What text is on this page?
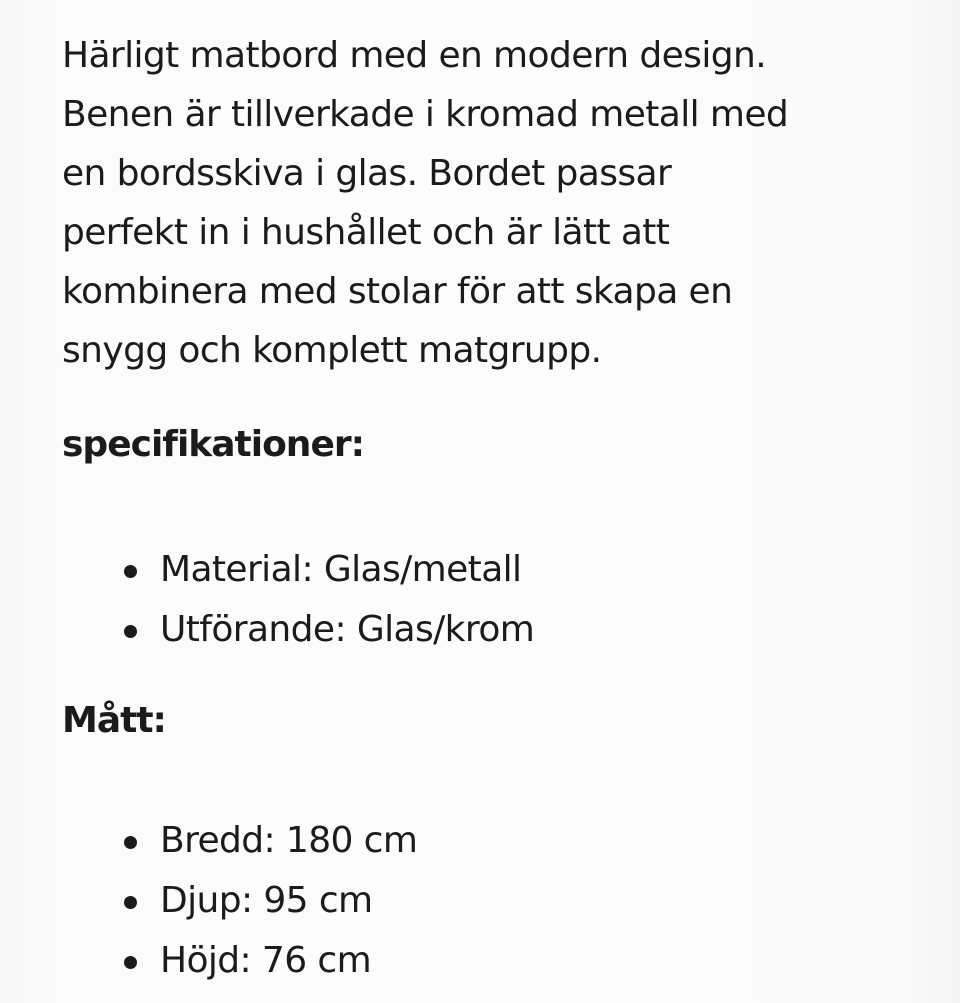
Härligt matbord med en modern design.
Benen är tillverkade i kromad metall med
en bordsskiva i glas. Bordet passar
perfekt in i hushållet och är lätt att
kombinera med stolar för att skapa en
snygg och komplett matgrupp.

specifikationer:
Material: Glas/metall
Utförande: Glas/krom
Mått:
Bredd: 180 cm
Djup: 95 cm
Höjd: 76 cm
